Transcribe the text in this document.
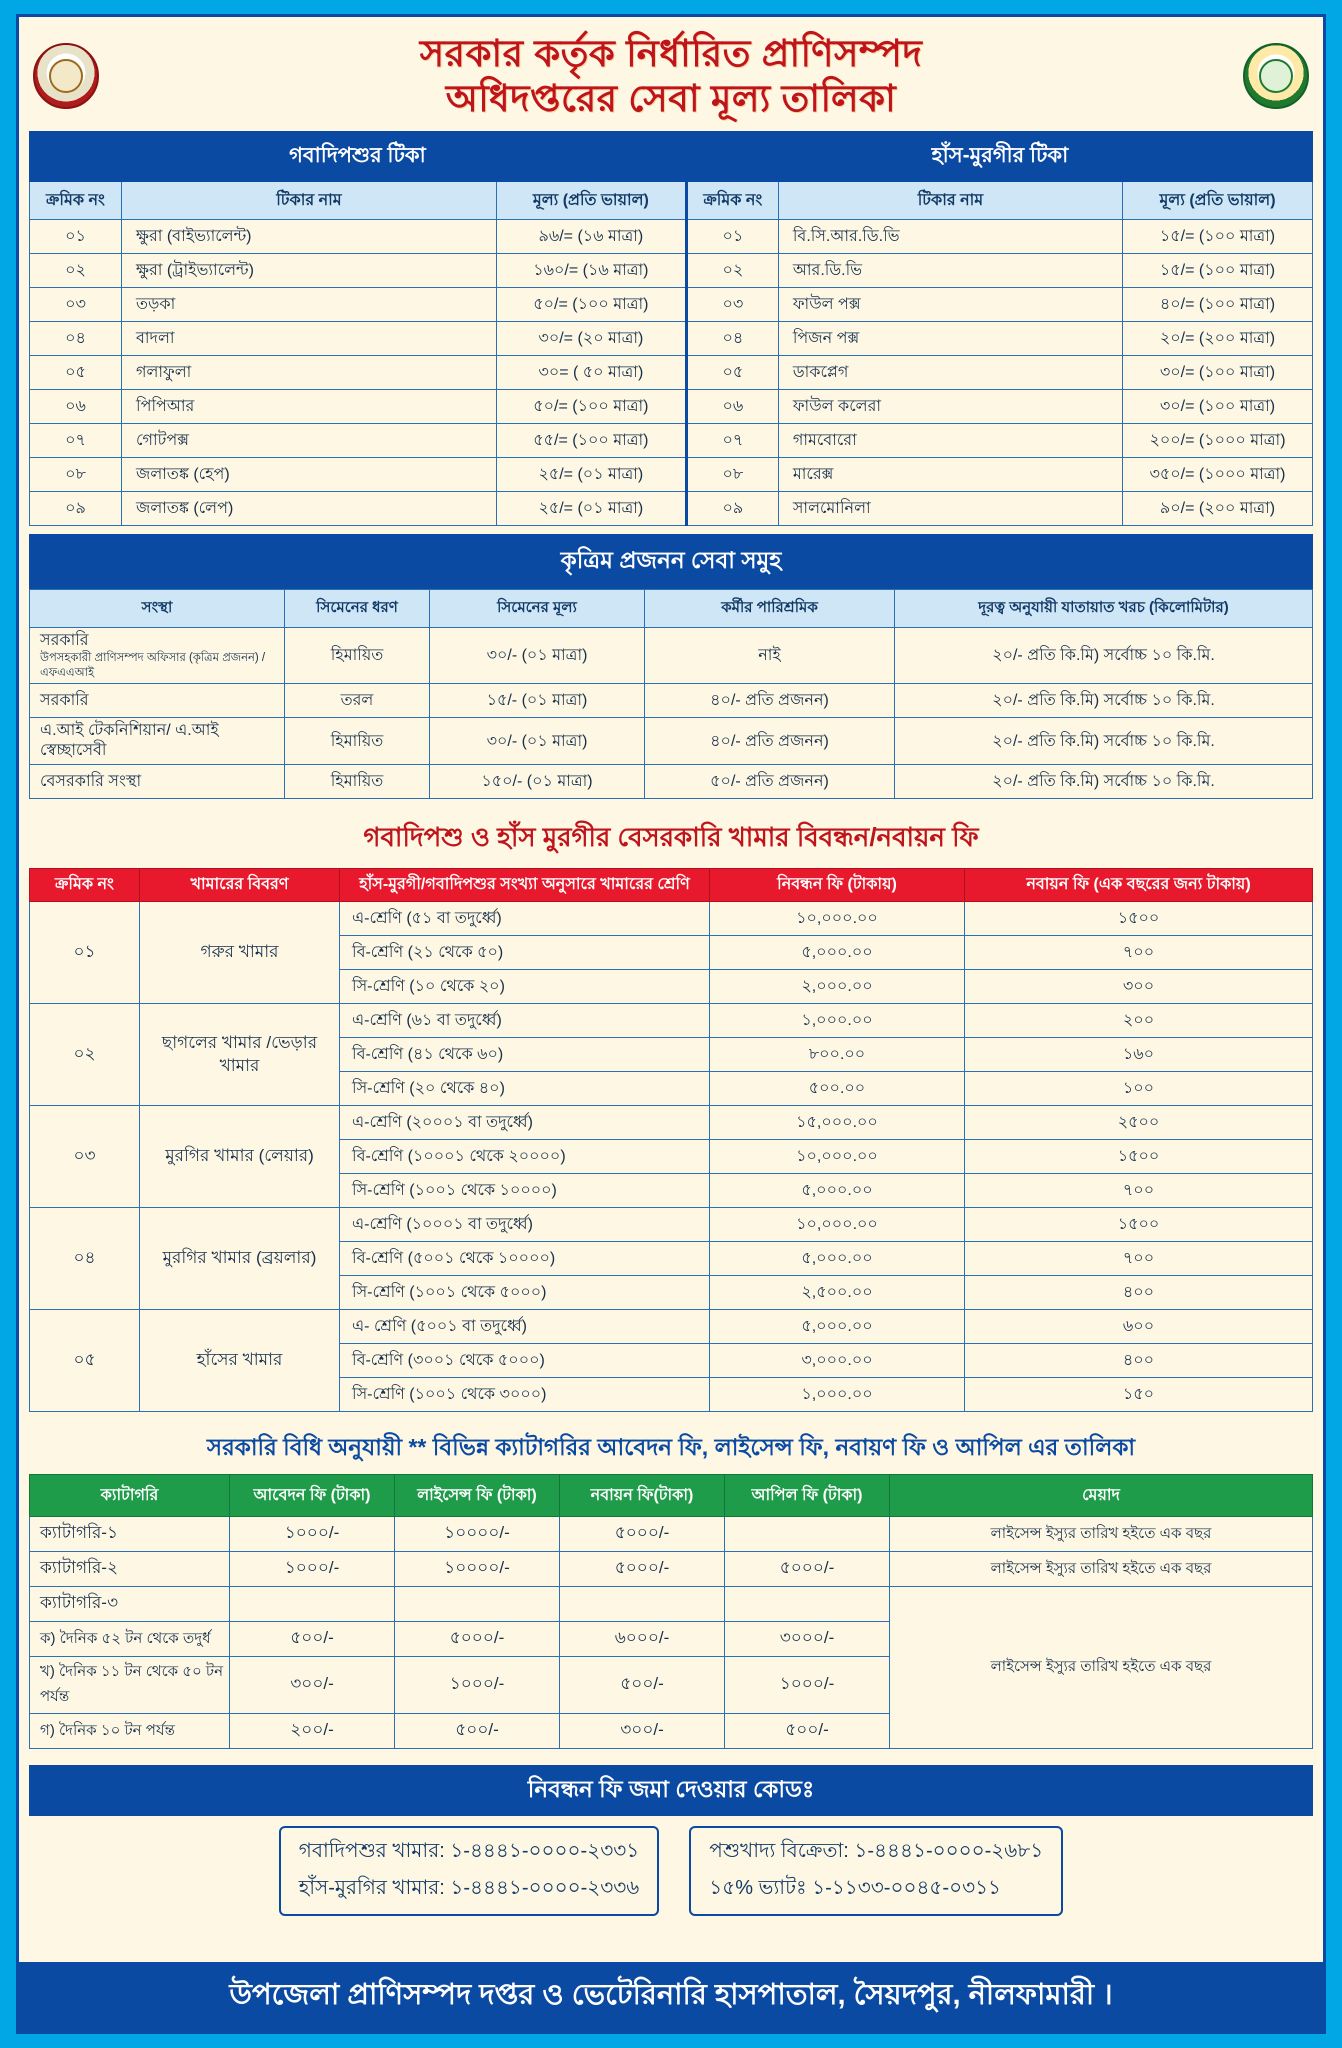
সরকার কর্তৃক নির্ধারিত প্রাণিসম্পদ
অধিদপ্তরের সেবা মূল্য তালিকা
গবাদিপশুর টিকা			হাঁস-মুরগীর টিকা		
ক্রমিক নং	টিকার নাম	মূল্য (প্রতি ভায়াল)	ক্রমিক নং	টিকার নাম	মূল্য (প্রতি ভায়াল)
০১	ক্ষুরা (বাইভ্যালেন্ট)	৯৬/= (১৬ মাত্রা)	০১	বি.সি.আর.ডি.ভি	১৫/= (১০০ মাত্রা)
০২	ক্ষুরা (ট্রাইভ্যালেন্ট)	১৬০/= (১৬ মাত্রা)	০২	আর.ডি.ভি	১৫/= (১০০ মাত্রা)
০৩	তড়কা	৫০/= (১০০ মাত্রা)	০৩	ফাউল পক্স	৪০/= (১০০ মাত্রা)
০৪	বাদলা	৩০/= (২০ মাত্রা)	০৪	পিজন পক্স	২০/= (২০০ মাত্রা)
০৫	গলাফুলা	৩০= ( ৫০ মাত্রা)	০৫	ডাকপ্লেগ	৩০/= (১০০ মাত্রা)
০৬	পিপিআর	৫০/= (১০০ মাত্রা)	০৬	ফাউল কলেরা	৩০/= (১০০ মাত্রা)
০৭	গোটপক্স	৫৫/= (১০০ মাত্রা)	০৭	গামবোরো	২০০/= (১০০০ মাত্রা)
০৮	জলাতঙ্ক (হেপ)	২৫/= (০১ মাত্রা)	০৮	মারেক্স	৩৫০/= (১০০০ মাত্রা)
০৯	জলাতঙ্ক (লেপ)	২৫/= (০১ মাত্রা)	০৯	সালমোনিলা	৯০/= (২০০ মাত্রা)
কৃত্রিম প্রজনন সেবা সমুহ
সংস্থা	সিমেনের ধরণ	সিমেনের মূল্য	কর্মীর পারিশ্রমিক	দূরত্ব অনুযায়ী যাতায়াত খরচ (কিলোমিটার)
সরকারি
উপসহকারী প্রাণিসম্পদ অফিসার (কৃত্রিম প্রজনন) /এফএএআই	হিমায়িত	৩০/- (০১ মাত্রা)	নাই	২০/- প্রতি কি.মি) সর্বোচ্চ ১০ কি.মি.
সরকারি	তরল	১৫/- (০১ মাত্রা)	৪০/- প্রতি প্রজনন)	২০/- প্রতি কি.মি) সর্বোচ্চ ১০ কি.মি.
এ.আই টেকনিশিয়ান/ এ.আই স্বেচ্ছাসেবী	হিমায়িত	৩০/- (০১ মাত্রা)	৪০/- প্রতি প্রজনন)	২০/- প্রতি কি.মি) সর্বোচ্চ ১০ কি.মি.
বেসরকারি সংস্থা	হিমায়িত	১৫০/- (০১ মাত্রা)	৫০/- প্রতি প্রজনন)	২০/- প্রতি কি.মি) সর্বোচ্চ ১০ কি.মি.
গবাদিপশু ও হাঁস মুরগীর বেসরকারি খামার বিবন্ধন/নবায়ন ফি
ক্রমিক নং	খামারের বিবরণ	হাঁস-মুরগী/গবাদিপশুর সংখ্যা অনুসারে খামারের শ্রেণি	নিবন্ধন ফি (টাকায়)	নবায়ন ফি (এক বছরের জন্য টাকায়)
০১	গরুর খামার	এ-শ্রেণি (৫১ বা তদুর্ধ্বে)	১০,০০০.০০	১৫০০
		বি-শ্রেণি (২১ থেকে ৫০)	৫,০০০.০০	৭০০
		সি-শ্রেণি (১০ থেকে ২০)	২,০০০.০০	৩০০
০২	ছাগলের খামার /ভেড়ার খামার	এ-শ্রেণি (৬১ বা তদুর্ধ্বে)	১,০০০.০০	২০০
		বি-শ্রেণি (৪১ থেকে ৬০)	৮০০.০০	১৬০
		সি-শ্রেণি (২০ থেকে ৪০)	৫০০.০০	১০০
০৩	মুরগির খামার (লেয়ার)	এ-শ্রেণি (২০০০১ বা তদুর্ধ্বে)	১৫,০০০.০০	২৫০০
		বি-শ্রেণি (১০০০১ থেকে ২০০০০)	১০,০০০.০০	১৫০০
		সি-শ্রেণি (১০০১ থেকে ১০০০০)	৫,০০০.০০	৭০০
০৪	মুরগির খামার (ব্রয়লার)	এ-শ্রেণি (১০০০১ বা তদুর্ধ্বে)	১০,০০০.০০	১৫০০
		বি-শ্রেণি (৫০০১ থেকে ১০০০০)	৫,০০০.০০	৭০০
		সি-শ্রেণি (১০০১ থেকে ৫০০০)	২,৫০০.০০	৪০০
০৫	হাঁসের খামার	এ- শ্রেণি (৫০০১ বা তদুর্ধ্বে)	৫,০০০.০০	৬০০
		বি-শ্রেণি (৩০০১ থেকে ৫০০০)	৩,০০০.০০	৪০০
		সি-শ্রেণি (১০০১ থেকে ৩০০০)	১,০০০.০০	১৫০
সরকারি বিধি অনুযায়ী ** বিভিন্ন ক্যাটাগরির আবেদন ফি, লাইসেন্স ফি, নবায়ণ ফি ও আপিল এর তালিকা
ক্যাটাগরি	আবেদন ফি (টাকা)	লাইসেন্স ফি (টাকা)	নবায়ন ফি(টাকা)	আপিল ফি (টাকা)	মেয়াদ
ক্যাটাগরি-১	১০০০/-	১০০০০/-	৫০০০/-		লাইসেন্স ইস্যুর তারিখ হইতে এক বছর
ক্যাটাগরি-২	১০০০/-	১০০০০/-	৫০০০/-	৫০০০/-	লাইসেন্স ইস্যুর তারিখ হইতে এক বছর
ক্যাটাগরি-৩					লাইসেন্স ইস্যুর তারিখ হইতে এক বছর
ক) দৈনিক ৫২ টন থেকে তদুর্ধ	৫০০/-	৫০০০/-	৬০০০/-	৩০০০/-	
খ) দৈনিক ১১ টন থেকে ৫০ টন পর্যন্ত	৩০০/-	১০০০/-	৫০০/-	১০০০/-	
গ) দৈনিক ১০ টন পর্যন্ত	২০০/-	৫০০/-	৩০০/-	৫০০/-	
নিবন্ধন ফি জমা দেওয়ার কোডঃ
গবাদিপশুর খামার: ১-৪৪৪১-০০০০-২৩৩১
হাঁস-মুরগির খামার: ১-৪৪৪১-০০০০-২৩৩৬
পশুখাদ্য বিক্রেতা: ১-৪৪৪১-০০০০-২৬৮১
১৫% ভ্যাটঃ ১-১১৩৩-০০৪৫-০৩১১
উপজেলা প্রাণিসম্পদ দপ্তর ও ভেটেরিনারি হাসপাতাল, সৈয়দপুর, নীলফামারী ।
